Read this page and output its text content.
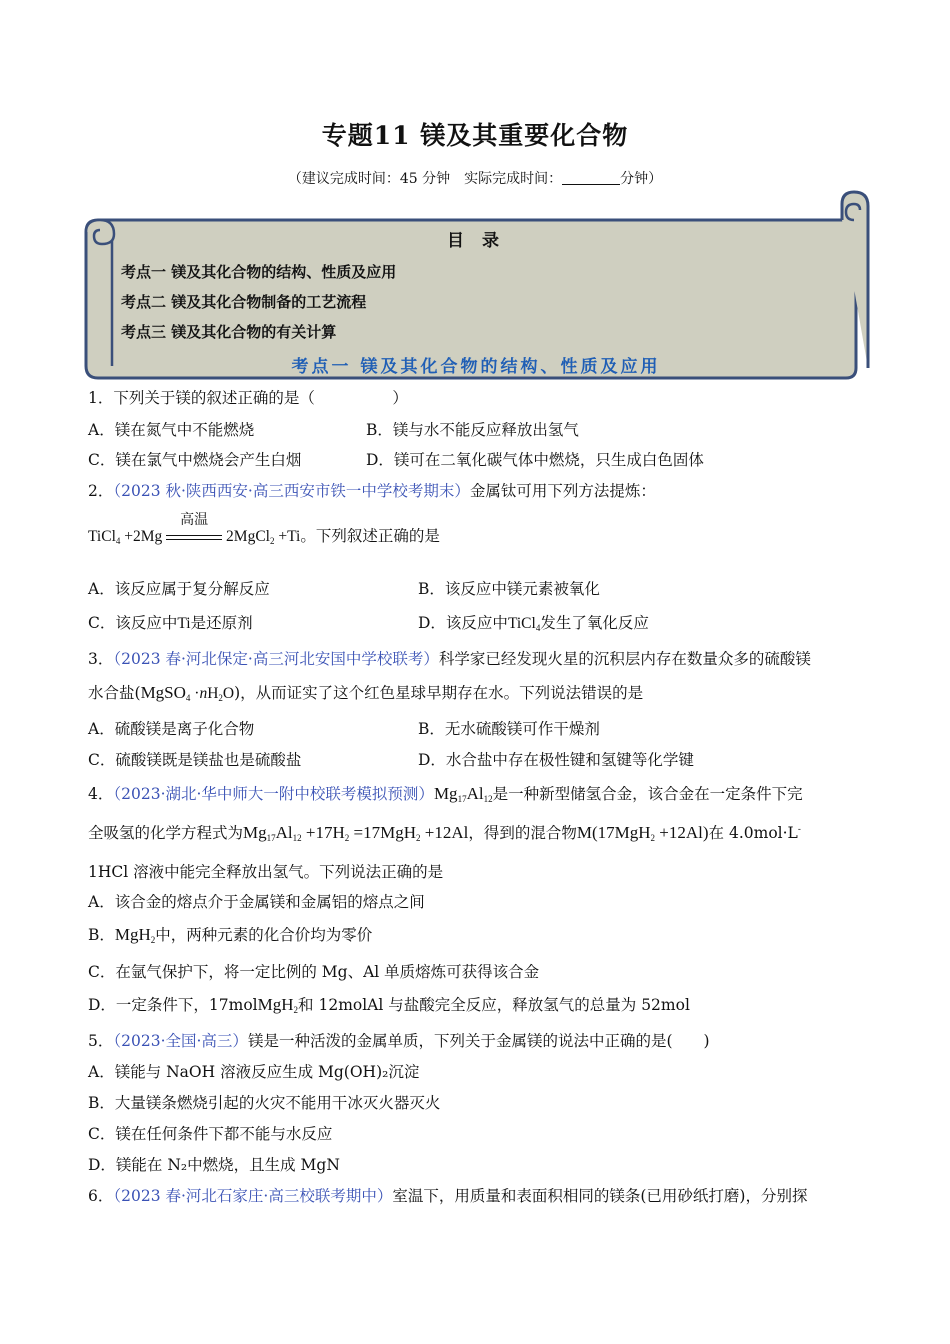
专题11 镁及其重要化合物
（建议完成时间：45 分钟　实际完成时间：	分钟）
目 录
考点一 镁及其化合物的结构、性质及应用
考点二 镁及其化合物制备的工艺流程
考点三 镁及其化合物的有关计算
考点一 镁及其化合物的结构、性质及应用
1．下列关于镁的叙述正确的是（　　　　　）
A．镁在氮气中不能燃烧	B．镁与水不能反应释放出氢气
C．镁在氯气中燃烧会产生白烟	D．镁可在二氧化碳气体中燃烧，只生成白色固体
2．（2023 秋·陕西西安·高三西安市铁一中学校考期末）金属钛可用下列方法提炼：
TiCl$_4$ +2Mg
高温
2MgCl$_2$ +Ti。下列叙述正确的是
A．该反应属于复分解反应	B．该反应中镁元素被氧化
C．该反应中Ti是还原剂	D．该反应中TiCl$_4$发生了氧化反应
3．（2023 春·河北保定·高三河北安国中学校联考）科学家已经发现火星的沉积层内存在数量众多的硫酸镁
水合盐(MgSO$_4$ $\cdot nH_2O$)，从而证实了这个红色星球早期存在水。下列说法错误的是
A．硫酸镁是离子化合物	B．无水硫酸镁可作干燥剂
C．硫酸镁既是镁盐也是硫酸盐	D．水合盐中存在极性键和氢键等化学键
4．（2023·湖北·华中师大一附中校联考模拟预测）$Mg_{17}Al_{12}$是一种新型储氢合金，该合金在一定条件下完
全吸氢的化学方程式为$Mg_{17}Al_{12} +17H_2 =17MgH_2 +12Al$，得到的混合物M(17MgH$_2$ +12Al)在 4.0mol·L-
1HCl 溶液中能完全释放出氢气。下列说法正确的是
A．该合金的熔点介于金属镁和金属铝的熔点之间
B．MgH$_2$中，两种元素的化合价均为零价
C．在氩气保护下，将一定比例的 Mg、Al 单质熔炼可获得该合金
D．一定条件下，17molMgH$_2$和 12molAl 与盐酸完全反应，释放氢气的总量为 52mol
5．（2023·全国·高三）镁是一种活泼的金属单质，下列关于金属镁的说法中正确的是(　　)
A．镁能与 NaOH 溶液反应生成 Mg(OH)₂沉淀
B．大量镁条燃烧引起的火灾不能用干冰灭火器灭火
C．镁在任何条件下都不能与水反应
D．镁能在 N₂中燃烧，且生成 MgN
6．（2023 春·河北石家庄·高三校联考期中）室温下，用质量和表面积相同的镁条(已用砂纸打磨)，分别探
